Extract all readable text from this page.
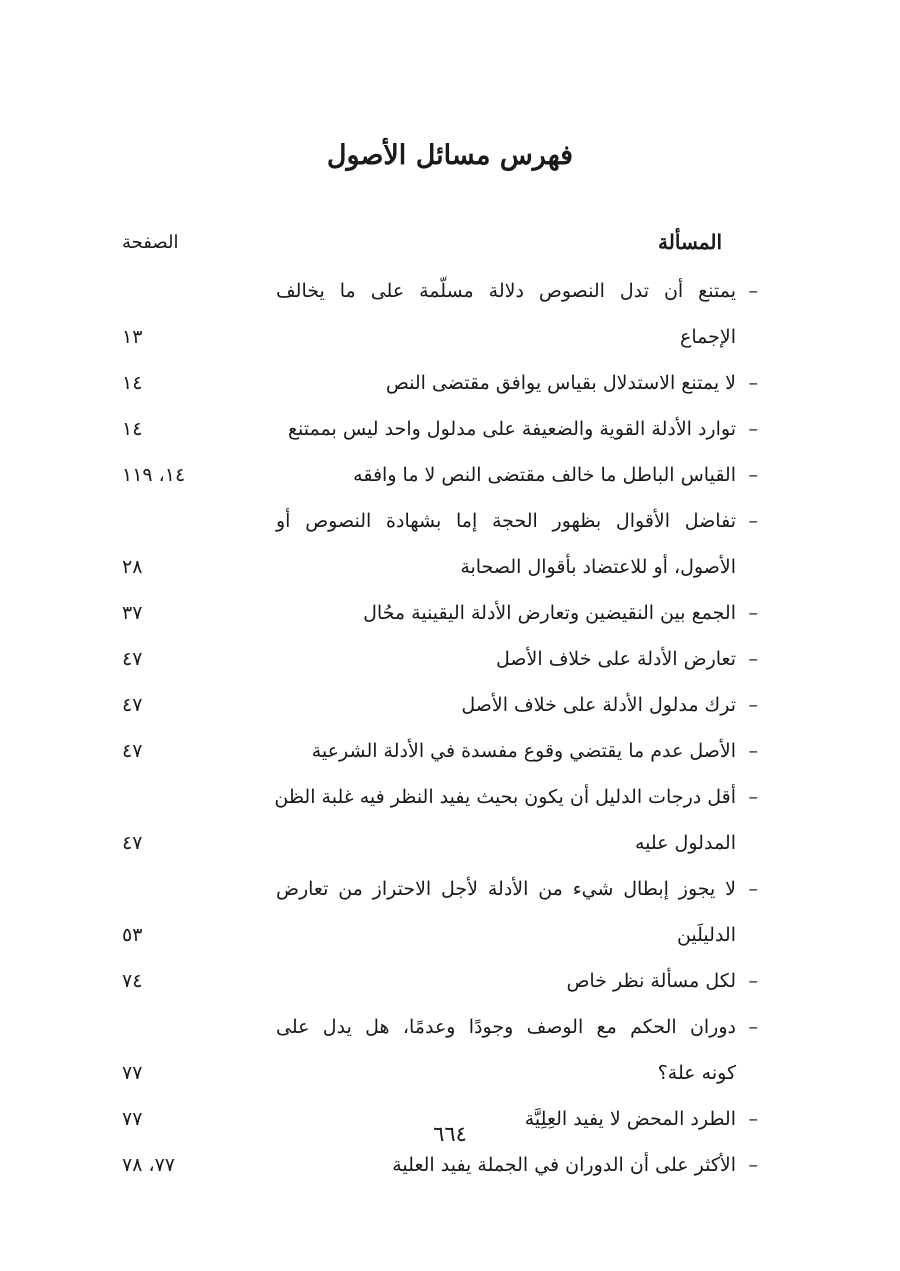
فهرس مسائل الأصول
المسألة
الصفحة
–
يمتنع أن تدل النصوص دلالة مسلّمة على ما يخالف
الإجماع
١٣
–
لا يمتنع الاستدلال بقياس يوافق مقتضى النص
١٤
–
توارد الأدلة القوية والضعيفة على مدلول واحد ليس بممتنع
١٤
–
القياس الباطل ما خالف مقتضى النص لا ما وافقه
١٤، ١١٩
–
تفاضل الأقوال بظهور الحجة إما بشهادة النصوص أو
الأصول، أو للاعتضاد بأقوال الصحابة
٢٨
–
الجمع بين النقيضين وتعارض الأدلة اليقينية محُال
٣٧
–
تعارض الأدلة على خلاف الأصل
٤٧
–
ترك مدلول الأدلة على خلاف الأصل
٤٧
–
الأصل عدم ما يقتضي وقوع مفسدة في الأدلة الشرعية
٤٧
–
أقل درجات الدليل أن يكون بحيث يفيد النظر فيه غلبة الظن
المدلول عليه
٤٧
–
لا يجوز إبطال شيء من الأدلة لأجل الاحتراز من تعارض
الدليلَين
٥٣
–
لكل مسألة نظر خاص
٧٤
–
دوران الحكم مع الوصف وجودًا وعدمًا، هل يدل على
كونه علة؟
٧٧
–
الطرد المحض لا يفيد العِلِيَّة
٧٧
–
الأكثر على أن الدوران في الجملة يفيد العلية
٧٧، ٧٨
٦٦٤
